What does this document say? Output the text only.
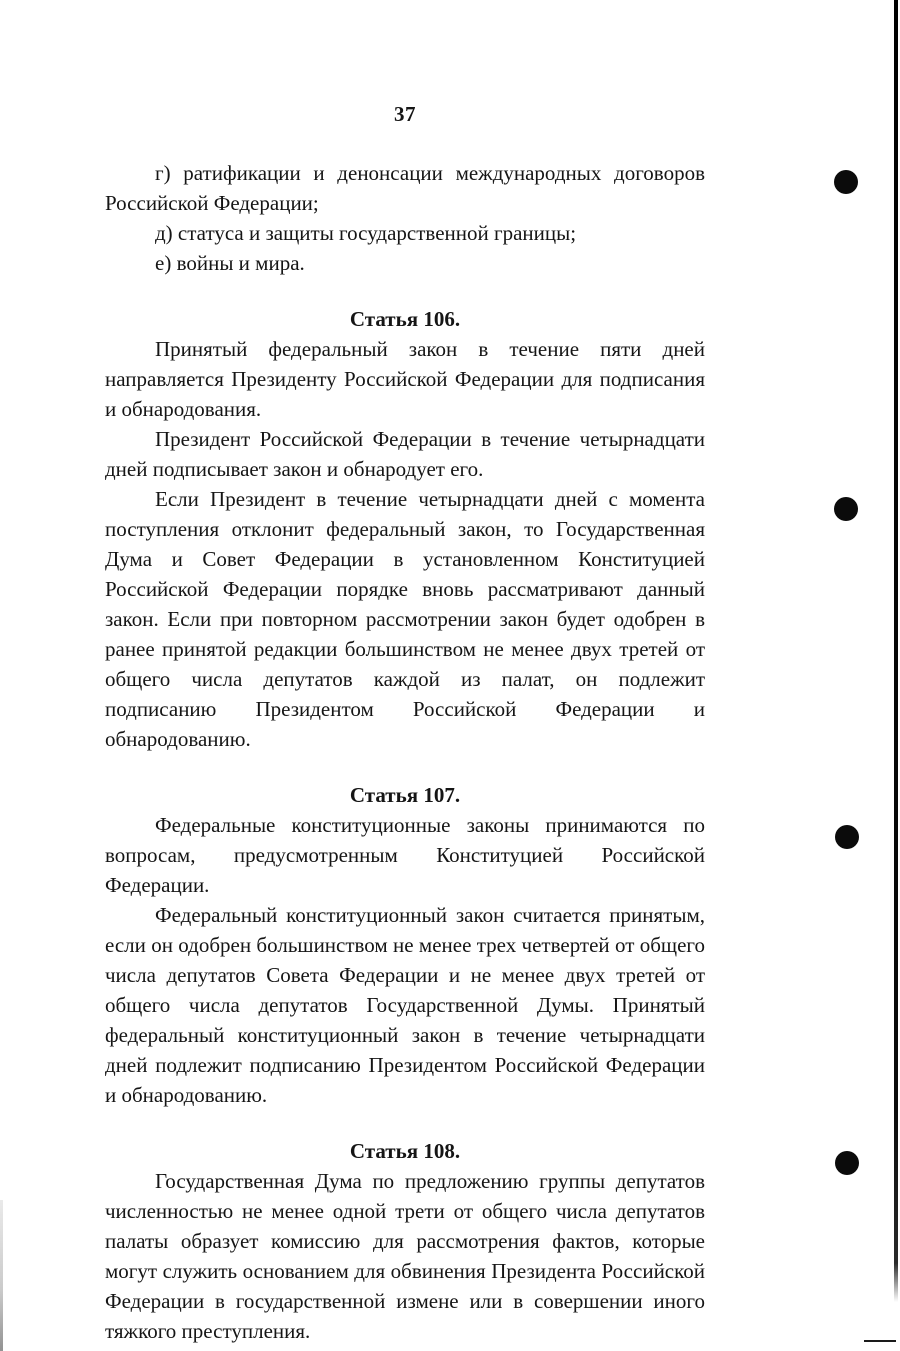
37

г) ратификации и денонсации международных договоров Российской Федерации;

д) статуса и защиты государственной границы;

е) войны и мира.

Статья 106.

Принятый федеральный закон в течение пяти дней направляется Президенту Российской Федерации для подписания и обнародования.

Президент Российской Федерации в течение четырнадцати дней подписывает закон и обнародует его.

Если Президент в течение четырнадцати дней с момента поступления отклонит федеральный закон, то Государственная Дума и Совет Федерации в установленном Конституцией Российской Федерации порядке вновь рассматривают данный закон. Если при повторном рассмотрении закон будет одобрен в ранее принятой редакции большинством не менее двух третей от общего числа депутатов каждой из палат, он подлежит подписанию Президентом Российской Федерации и обнародованию.

Статья 107.

Федеральные конституционные законы принимаются по вопросам, предусмотренным Конституцией Российской Федерации.

Федеральный конституционный закон считается принятым, если он одобрен большинством не менее трех четвертей от общего числа депутатов Совета Федерации и не менее двух третей от общего числа депутатов Государственной Думы. Принятый федеральный конституционный закон в течение четырнадцати дней подлежит подписанию Президентом Российской Федерации и обнародованию.

Статья 108.

Государственная Дума по предложению группы депутатов численностью не менее одной трети от общего числа депутатов палаты образует комиссию для рассмотрения фактов, которые могут служить основанием для обвинения Президента Российской Федерации в государственной измене или в совершении иного тяжкого преступления.
